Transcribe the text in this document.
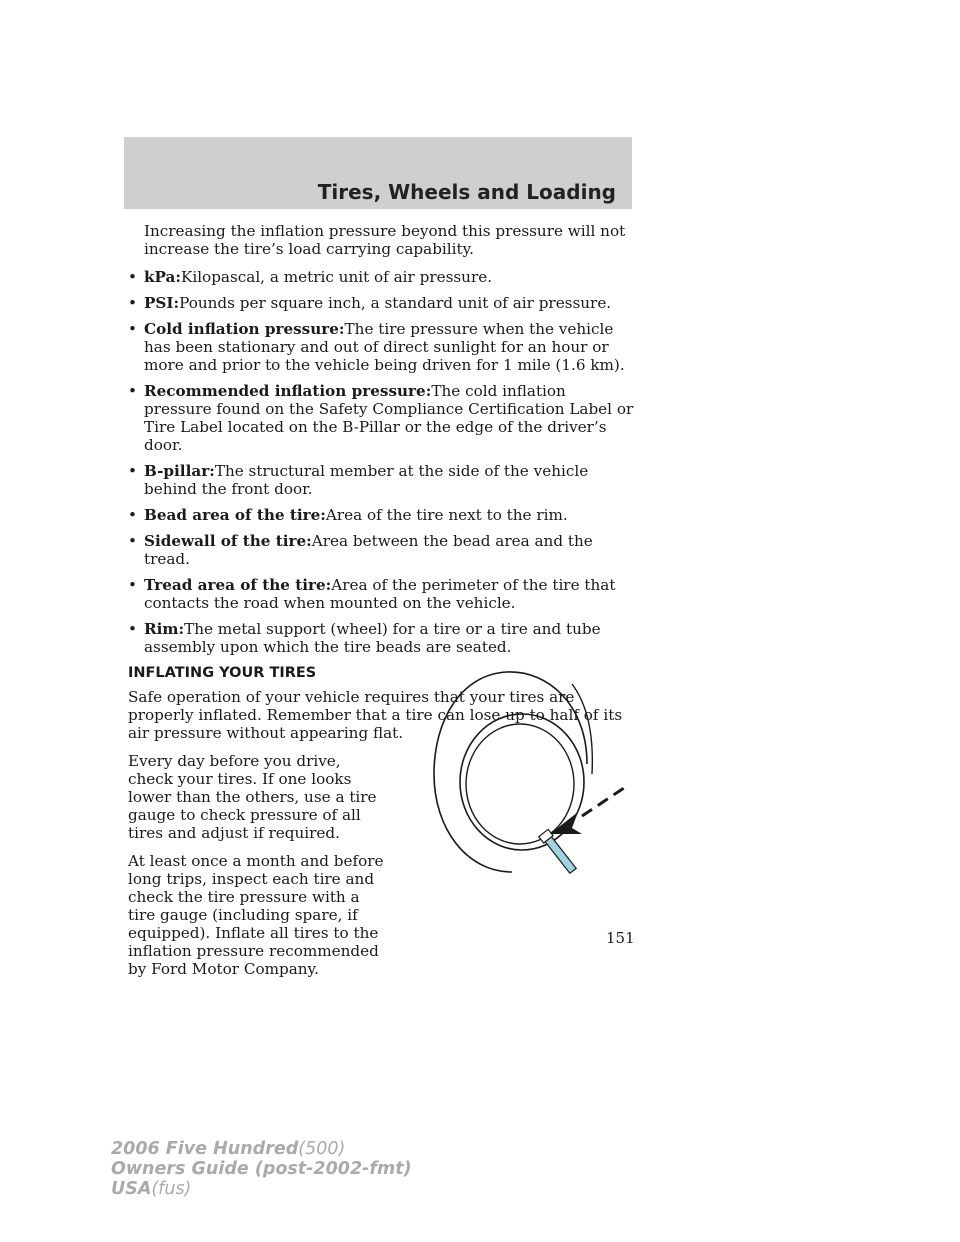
Tires, Wheels and Loading

Increasing the inflation pressure beyond this pressure will not increase the tire’s load carrying capability.

• kPa:Kilopascal, a metric unit of air pressure.
• PSI:Pounds per square inch, a standard unit of air pressure.
• Cold inflation pressure:The tire pressure when the vehicle has been stationary and out of direct sunlight for an hour or more and prior to the vehicle being driven for 1 mile (1.6 km).
• Recommended inflation pressure:The cold inflation pressure found on the Safety Compliance Certification Label or Tire Label located on the B-Pillar or the edge of the driver’s door.
• B-pillar:The structural member at the side of the vehicle behind the front door.
• Bead area of the tire:Area of the tire next to the rim.
• Sidewall of the tire:Area between the bead area and the tread.
• Tread area of the tire:Area of the perimeter of the tire that contacts the road when mounted on the vehicle.
• Rim:The metal support (wheel) for a tire or a tire and tube assembly upon which the tire beads are seated.
INFLATING YOUR TIRES

Safe operation of your vehicle requires that your tires are properly inflated. Remember that a tire can lose up to half of its air pressure without appearing flat.

Every day before you drive, check your tires. If one looks lower than the others, use a tire gauge to check pressure of all tires and adjust if required.

At least once a month and before long trips, inspect each tire and check the tire pressure with a tire gauge (including spare, if equipped). Inflate all tires to the inflation pressure recommended by Ford Motor Company.

151
2006 Five Hundred(500)
Owners Guide (post-2002-fmt)
USA(fus)
